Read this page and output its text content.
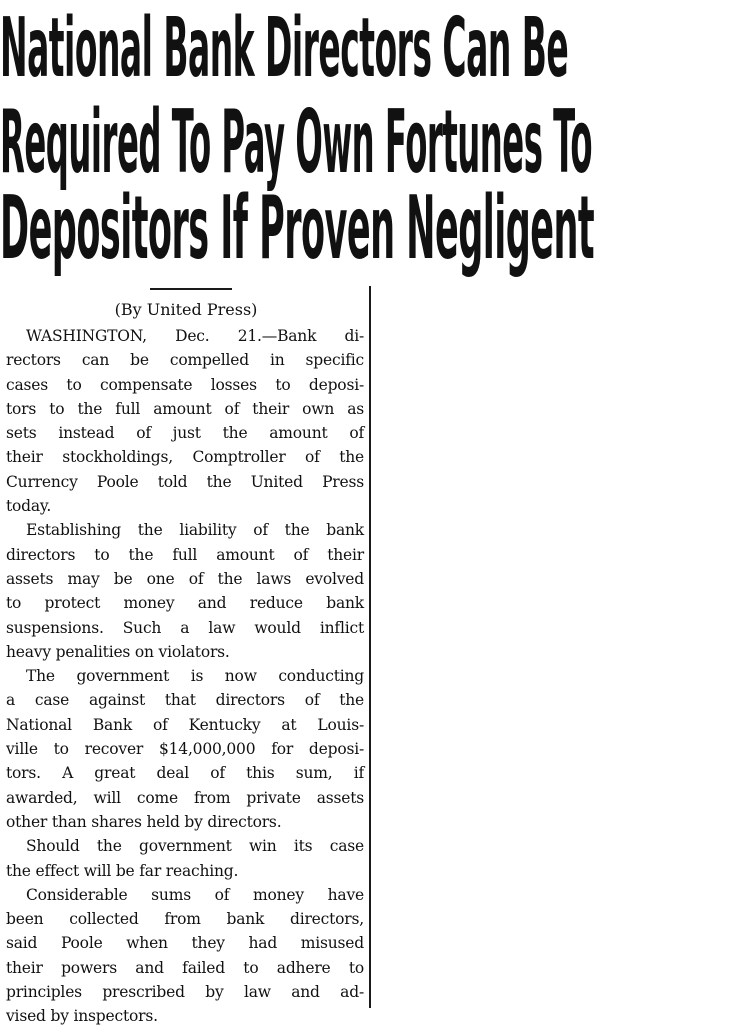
National Bank Directors Can Be
Required To Pay Own Fortunes To
Depositors If Proven Negligent
(By United Press)
WASHINGTON, Dec. 21.—Bank di-
rectors can be compelled in specific
cases to compensate losses to deposi-
tors to the full amount of their own as
sets instead of just the amount of
their stockholdings, Comptroller of the
Currency Poole told the United Press
today.
Establishing the liability of the bank
directors to the full amount of their
assets may be one of the laws evolved
to protect money and reduce bank
suspensions. Such a law would inflict
heavy penalities on violators.
The government is now conducting
a case against that directors of the
National Bank of Kentucky at Louis-
ville to recover $14,000,000 for deposi-
tors. A great deal of this sum, if
awarded, will come from private assets
other than shares held by directors.
Should the government win its case
the effect will be far reaching.
Considerable sums of money have
been collected from bank directors,
said Poole when they had misused
their powers and failed to adhere to
principles prescribed by law and ad-
vised by inspectors.
